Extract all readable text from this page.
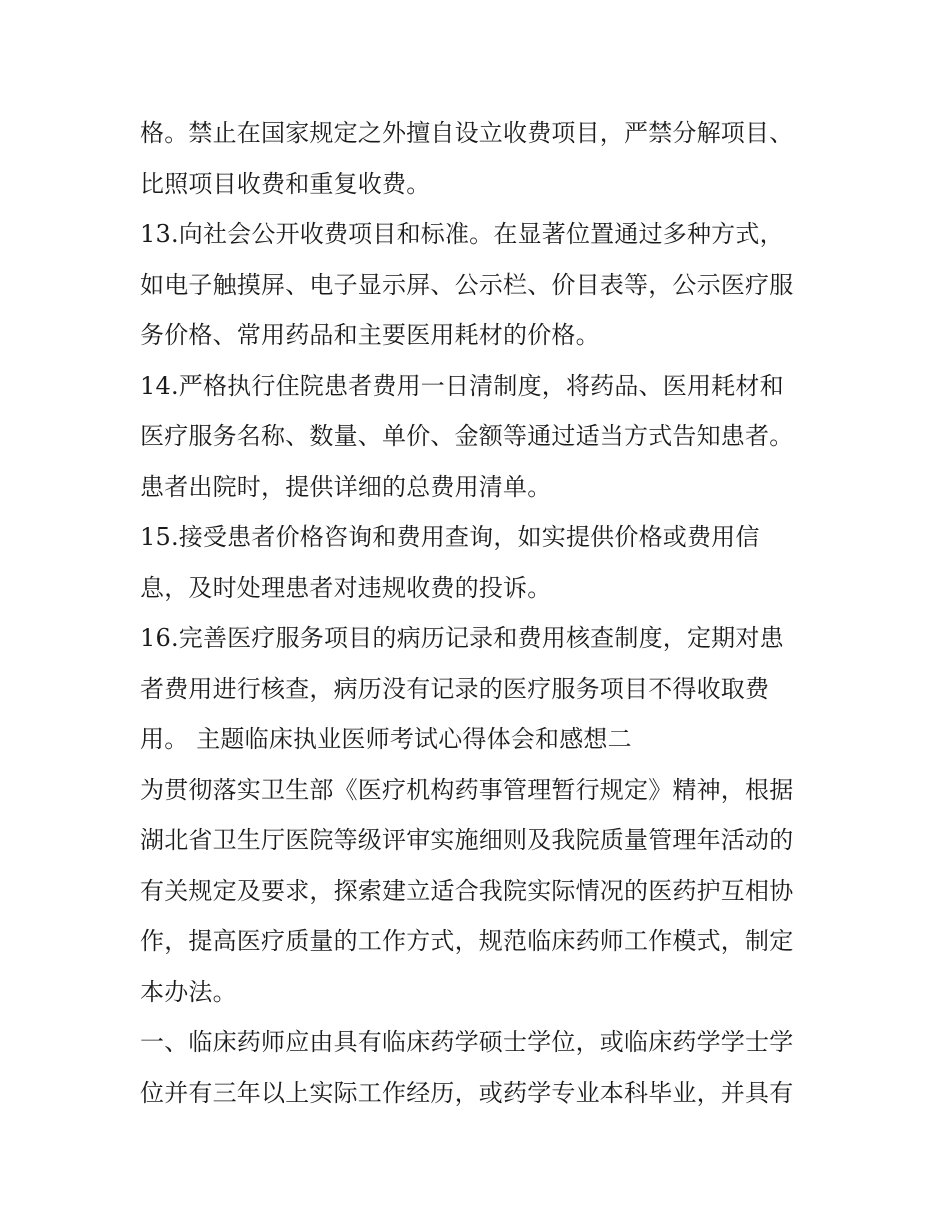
格。禁止在国家规定之外擅自设立收费项目，严禁分解项目、
比照项目收费和重复收费。
13.向社会公开收费项目和标准。在显著位置通过多种方式，
如电子触摸屏、电子显示屏、公示栏、价目表等，公示医疗服
务价格、常用药品和主要医用耗材的价格。
14.严格执行住院患者费用一日清制度，将药品、医用耗材和
医疗服务名称、数量、单价、金额等通过适当方式告知患者。
患者出院时，提供详细的总费用清单。
15.接受患者价格咨询和费用查询，如实提供价格或费用信
息，及时处理患者对违规收费的投诉。
16.完善医疗服务项目的病历记录和费用核查制度，定期对患
者费用进行核查，病历没有记录的医疗服务项目不得收取费
用。 主题临床执业医师考试心得体会和感想二
为贯彻落实卫生部《医疗机构药事管理暂行规定》精神，根据
湖北省卫生厅医院等级评审实施细则及我院质量管理年活动的
有关规定及要求，探索建立适合我院实际情况的医药护互相协
作，提高医疗质量的工作方式，规范临床药师工作模式，制定
本办法。
一、临床药师应由具有临床药学硕士学位，或临床药学学士学
位并有三年以上实际工作经历，或药学专业本科毕业，并具有
